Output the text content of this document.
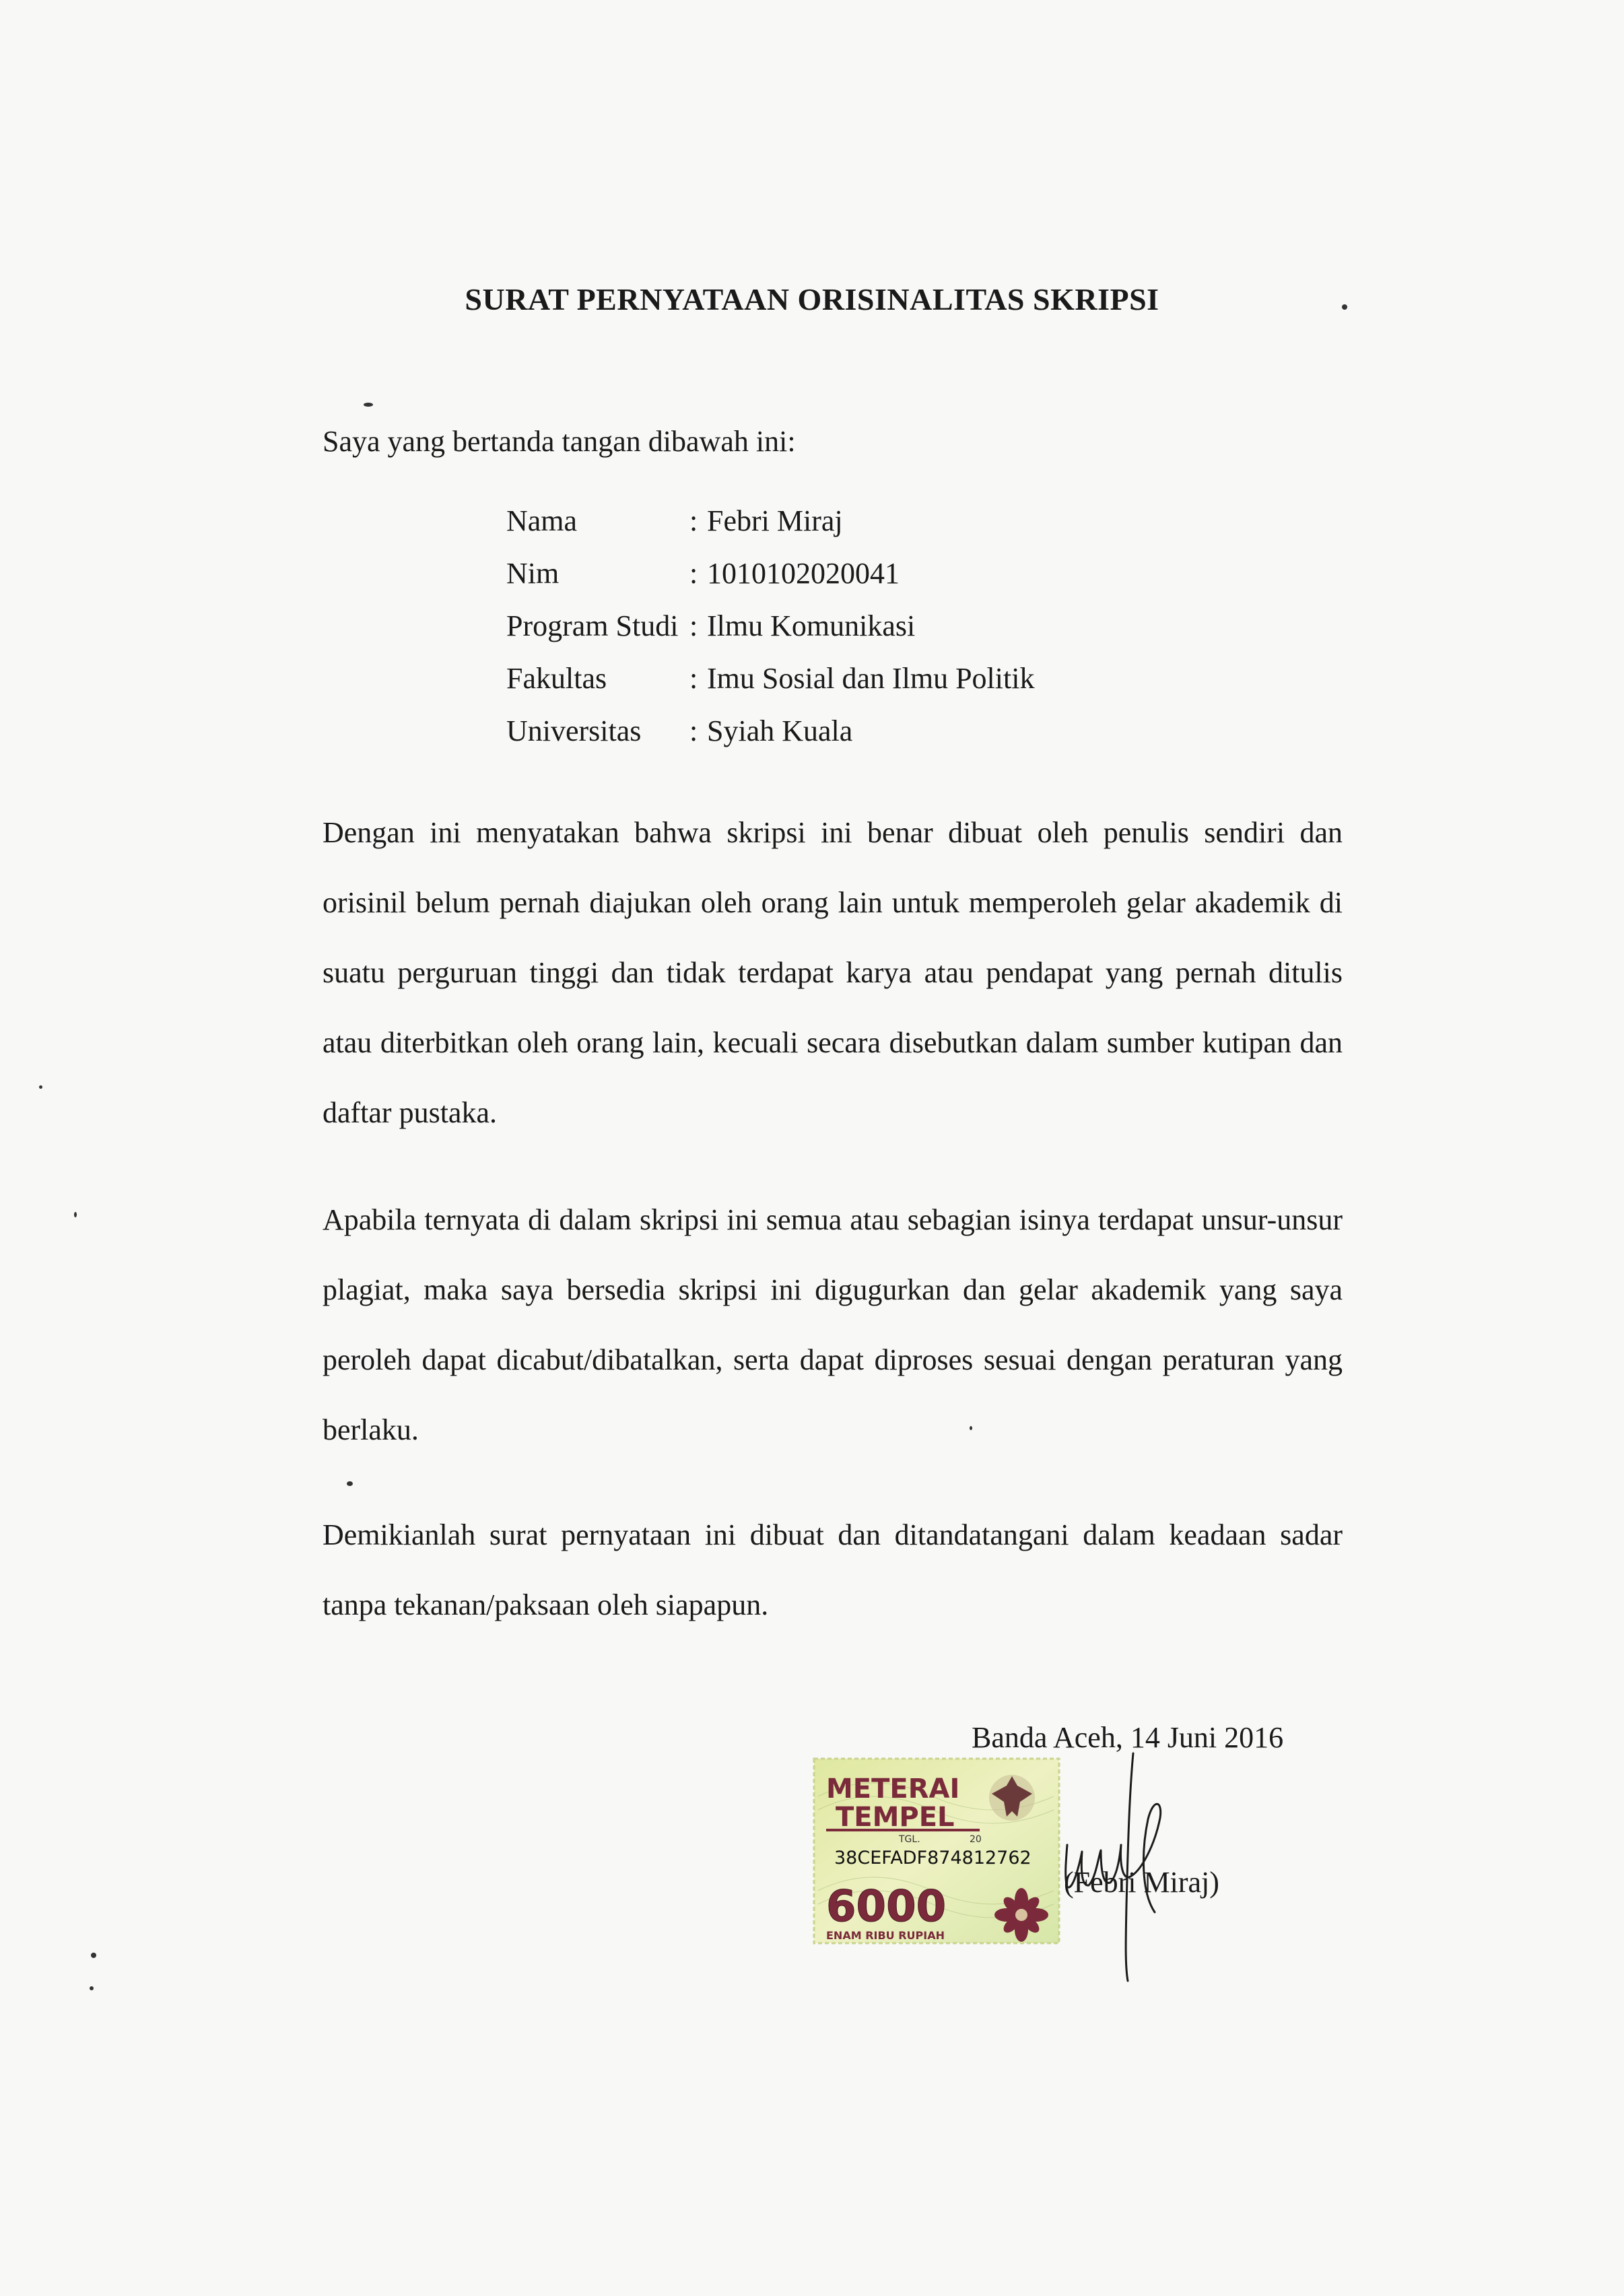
SURAT PERNYATAAN ORISINALITAS SKRIPSI
Saya yang bertanda tangan dibawah ini:
Nama	: Febri Miraj
Nim	: 1010102020041
Program Studi : Ilmu Komunikasi
Fakultas	: Imu Sosial dan Ilmu Politik
Universitas : Syiah Kuala

Dengan ini menyatakan bahwa skripsi ini benar dibuat oleh penulis sendiri dan orisinil belum pernah diajukan oleh orang lain untuk memperoleh gelar akademik di suatu perguruan tinggi dan tidak terdapat karya atau pendapat yang pernah ditulis atau diterbitkan oleh orang lain, kecuali secara disebutkan dalam sumber kutipan dan daftar pustaka.

Apabila ternyata di dalam skripsi ini semua atau sebagian isinya terdapat unsur-unsur plagiat, maka saya bersedia skripsi ini digugurkan dan gelar akademik yang saya peroleh dapat dicabut/dibatalkan, serta dapat diproses sesuai dengan peraturan yang berlaku.

Demikianlah surat pernyataan ini dibuat dan ditandatangani dalam keadaan sadar tanpa tekanan/paksaan oleh siapapun.

Banda Aceh, 14 Juni 2016
METERAI
TEMPEL
TGL.	20
38CEFADF874812762
6000
ENAM RIBU RUPIAH
(Febri Miraj)
